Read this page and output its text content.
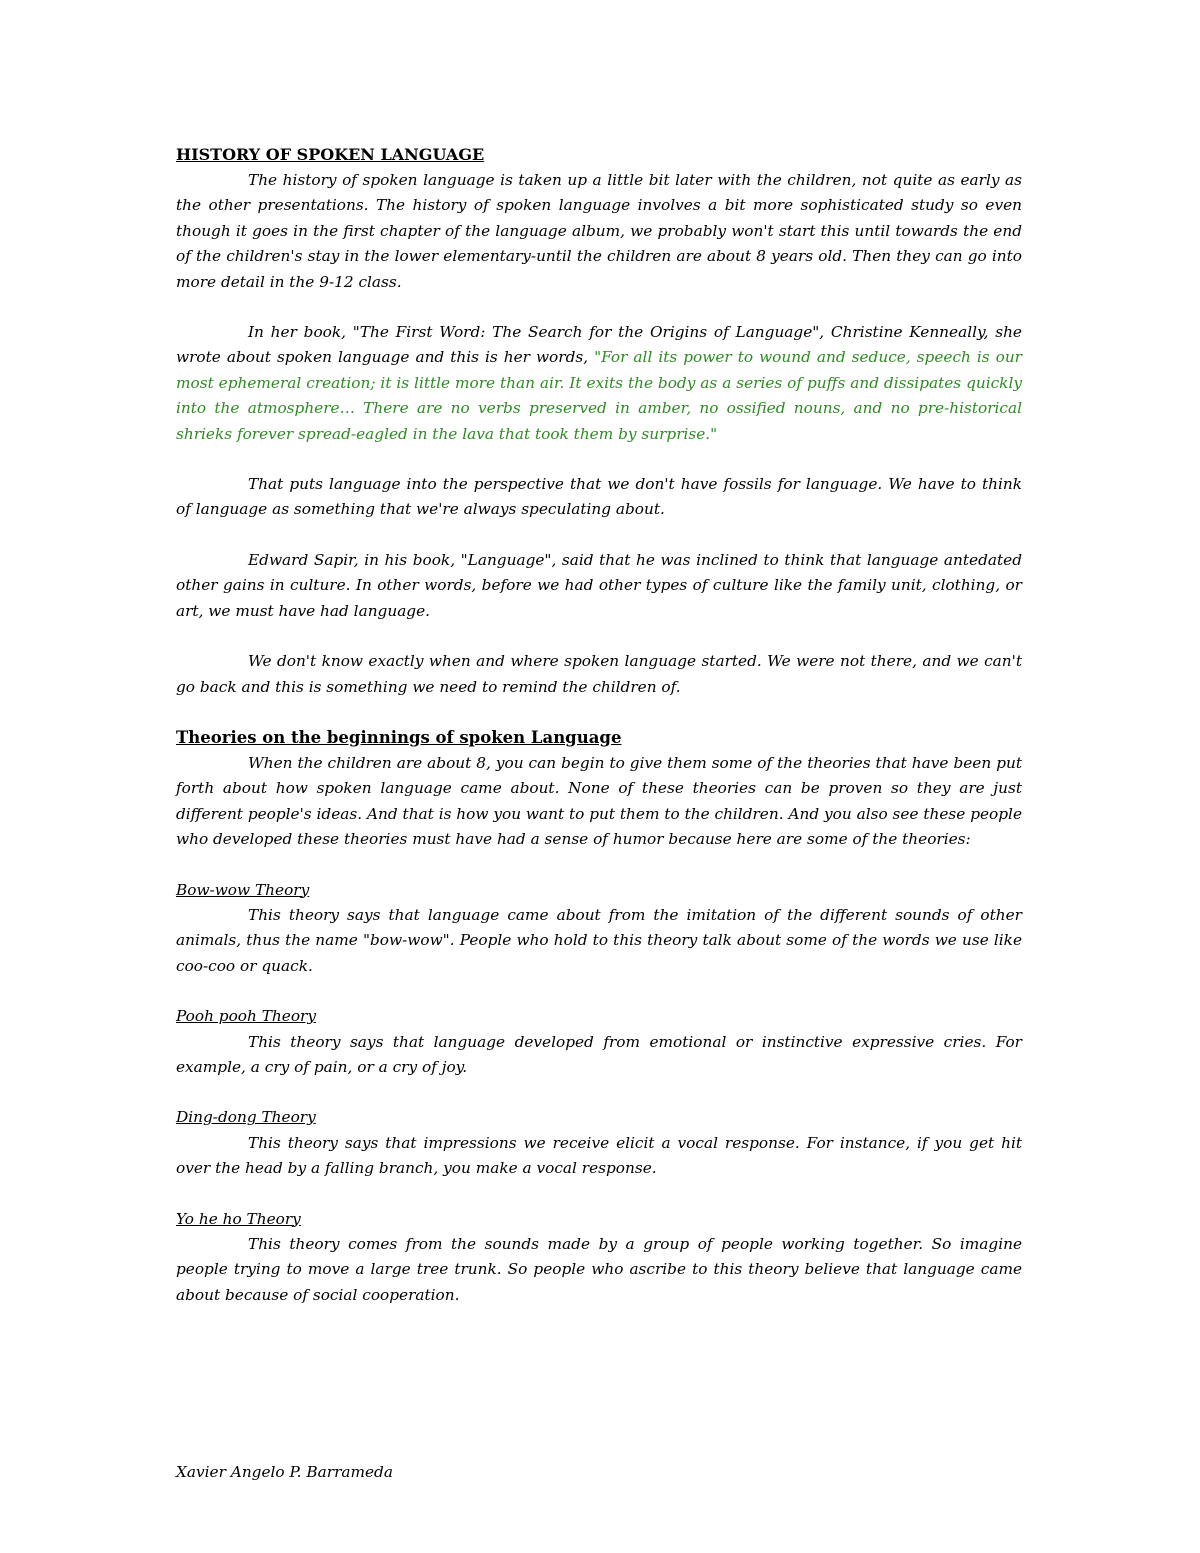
HISTORY OF SPOKEN LANGUAGE

The history of spoken language is taken up a little bit later with the children, not quite as early as the other presentations. The history of spoken language involves a bit more sophisticated study so even though it goes in the first chapter of the language album, we probably won't start this until towards the end of the children's stay in the lower elementary-until the children are about 8 years old. Then they can go into more detail in the 9-12 class.

In her book, "The First Word: The Search for the Origins of Language", Christine Kenneally, she wrote about spoken language and this is her words, "For all its power to wound and seduce, speech is our most ephemeral creation; it is little more than air. It exits the body as a series of puffs and dissipates quickly into the atmosphere… There are no verbs preserved in amber, no ossified nouns, and no pre-historical shrieks forever spread-eagled in the lava that took them by surprise."

That puts language into the perspective that we don't have fossils for language. We have to think of language as something that we're always speculating about.

Edward Sapir, in his book, "Language", said that he was inclined to think that language antedated other gains in culture. In other words, before we had other types of culture like the family unit, clothing, or art, we must have had language.

We don't know exactly when and where spoken language started. We were not there, and we can't go back and this is something we need to remind the children of.

Theories on the beginnings of spoken Language

When the children are about 8, you can begin to give them some of the theories that have been put forth about how spoken language came about. None of these theories can be proven so they are just different people's ideas. And that is how you want to put them to the children. And you also see these people who developed these theories must have had a sense of humor because here are some of the theories:

Bow-wow Theory

This theory says that language came about from the imitation of the different sounds of other animals, thus the name "bow-wow". People who hold to this theory talk about some of the words we use like coo-coo or quack.

Pooh pooh Theory

This theory says that language developed from emotional or instinctive expressive cries. For example, a cry of pain, or a cry of joy.

Ding-dong Theory

This theory says that impressions we receive elicit a vocal response. For instance, if you get hit over the head by a falling branch, you make a vocal response.

Yo he ho Theory

This theory comes from the sounds made by a group of people working together. So imagine people trying to move a large tree trunk. So people who ascribe to this theory believe that language came about because of social cooperation.

Xavier Angelo P. Barrameda
